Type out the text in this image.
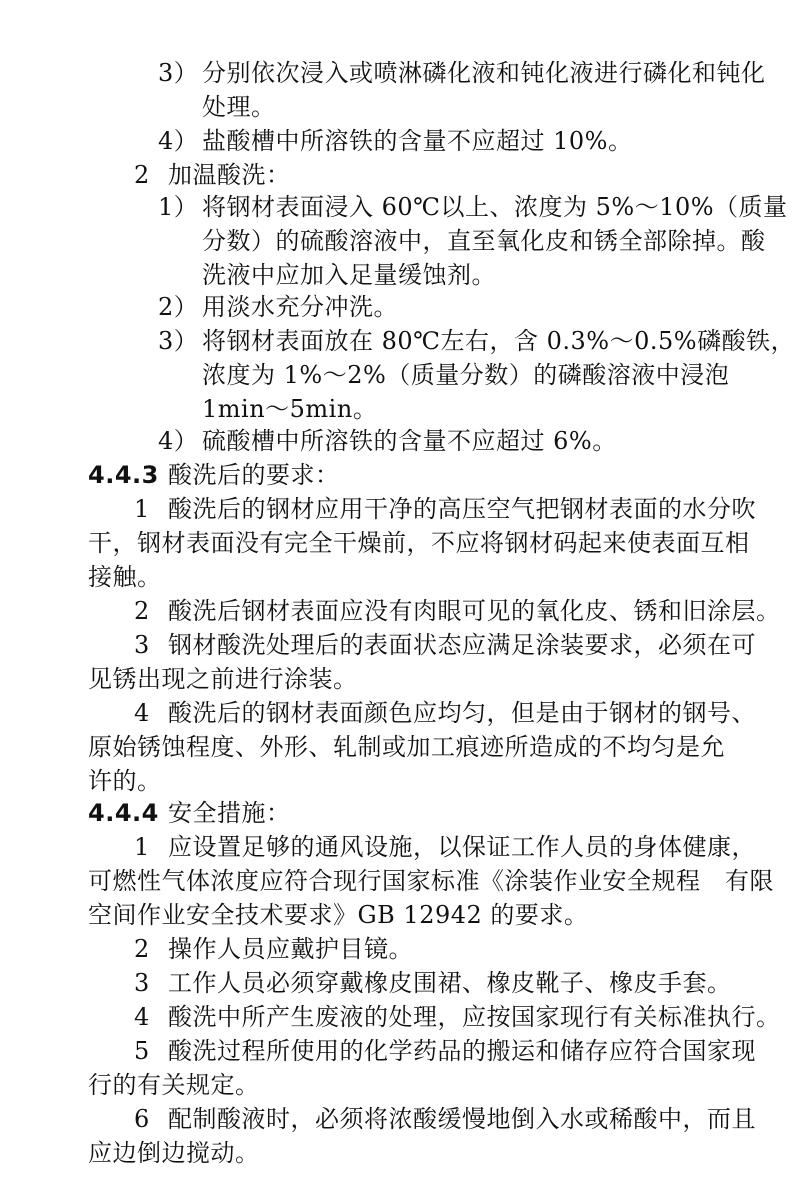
3） 分别依次浸入或喷淋磷化液和钝化液进行磷化和钝化
处理。
4） 盐酸槽中所溶铁的含量不应超过 10%。
2 加温酸洗：
1） 将钢材表面浸入 60℃以上、浓度为 5%～10%（质量
分数）的硫酸溶液中，直至氧化皮和锈全部除掉。酸
洗液中应加入足量缓蚀剂。
2） 用淡水充分冲洗。
3） 将钢材表面放在 80℃左右，含 0.3%～0.5%磷酸铁，
浓度为 1%～2%（质量分数）的磷酸溶液中浸泡
1min～5min。
4） 硫酸槽中所溶铁的含量不应超过 6%。
4.4.3 酸洗后的要求：
1 酸洗后的钢材应用干净的高压空气把钢材表面的水分吹
干，钢材表面没有完全干燥前，不应将钢材码起来使表面互相
接触。
2 酸洗后钢材表面应没有肉眼可见的氧化皮、锈和旧涂层。
3 钢材酸洗处理后的表面状态应满足涂装要求，必须在可
见锈出现之前进行涂装。
4 酸洗后的钢材表面颜色应均匀，但是由于钢材的钢号、
原始锈蚀程度、外形、轧制或加工痕迹所造成的不均匀是允
许的。
4.4.4 安全措施：
1 应设置足够的通风设施，以保证工作人员的身体健康，
可燃性气体浓度应符合现行国家标准《涂装作业安全规程　有限
空间作业安全技术要求》GB 12942 的要求。
2 操作人员应戴护目镜。
3 工作人员必须穿戴橡皮围裙、橡皮靴子、橡皮手套。
4 酸洗中所产生废液的处理，应按国家现行有关标准执行。
5 酸洗过程所使用的化学药品的搬运和储存应符合国家现
行的有关规定。
6 配制酸液时，必须将浓酸缓慢地倒入水或稀酸中，而且
应边倒边搅动。
